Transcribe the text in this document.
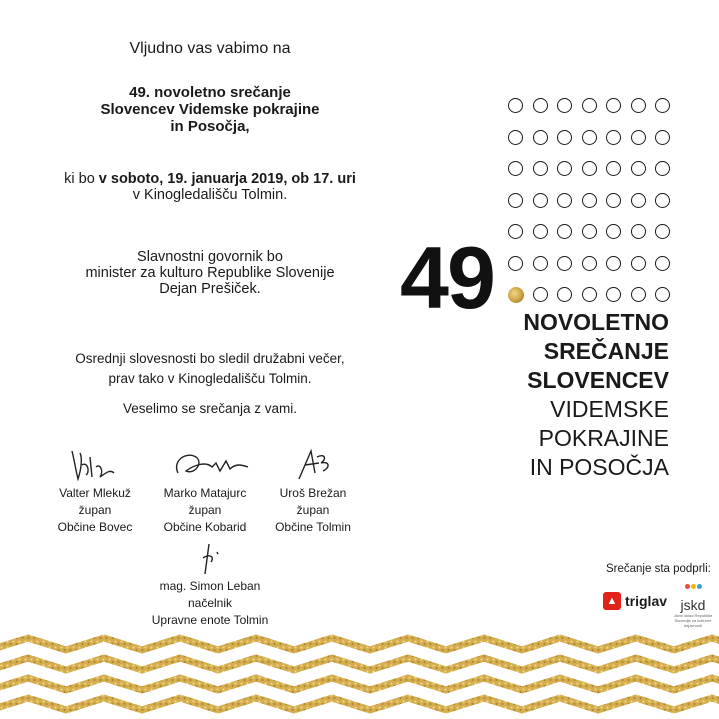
Vljudno vas vabimo na
49. novoletno srečanje
Slovencev Videmske pokrajine
in Posočja,
ki bo v soboto, 19. januarja 2019, ob 17. uri
v Kinogledališču Tolmin.
Slavnostni govornik bo
minister za kulturo Republike Slovenije
Dejan Prešiček.
Osrednji slovesnosti bo sledil družabni večer,
prav tako v Kinogledališču Tolmin.
Veselimo se srečanja z vami.
Valter Mlekuž
župan
Občine Bovec
Marko Matajurc
župan
Občine Kobarid
Uroš Brežan
župan
Občine Tolmin
mag. Simon Leban
načelnik
Upravne enote Tolmin
49 NOVOLETNO
SREČANJE
SLOVENCEV
VIDEMSKE
POKRAJINE
IN POSOČJA
Srečanje sta podprli:
▲ triglav jskd
Javni sklad Republike Slovenije za kulturne dejavnosti
